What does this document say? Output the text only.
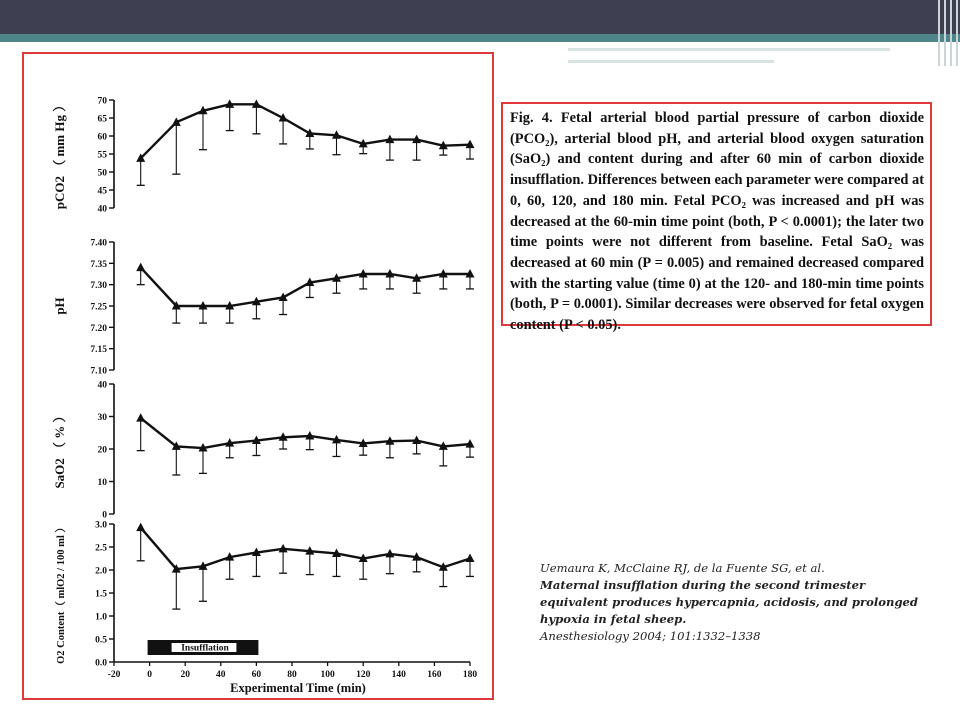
40
45
50
55
60
65
70
pCO2 （ mm Hg ）
7.10
7.15
7.20
7.25
7.30
7.35
7.40
pH
0
10
20
30
40
SaO2 （ % ）
0.0
0.5
1.0
1.5
2.0
2.5
3.0
O2 Content（ mlO2 / 100 ml ）
-20	0	20	40	60	80 100 120 140 160 180
Experimental Time (min)
Insufflation

Fig. 4. Fetal arterial blood partial pressure of carbon dioxide (PCO₂), arterial blood pH, and arterial blood oxygen saturation (SaO₂) and content during and after 60 min of carbon dioxide insufflation. Differences between each parameter were compared at 0, 60, 120, and 180 min. Fetal PCO₂ was increased and pH was decreased at the 60-min time point (both, P < 0.0001); the later two time points were not different from baseline. Fetal SaO₂ was decreased at 60 min (P = 0.005) and remained decreased compared with the starting value (time 0) at the 120- and 180-min time points (both, P = 0.0001). Similar decreases were observed for fetal oxygen content (P < 0.05).

Uemaura K, McClaine RJ, de la Fuente SG, et al.

Maternal insufflation during the second trimester equivalent produces hypercapnia, acidosis, and prolonged hypoxia in fetal sheep.

Anesthesiology 2004; 101:1332–1338
